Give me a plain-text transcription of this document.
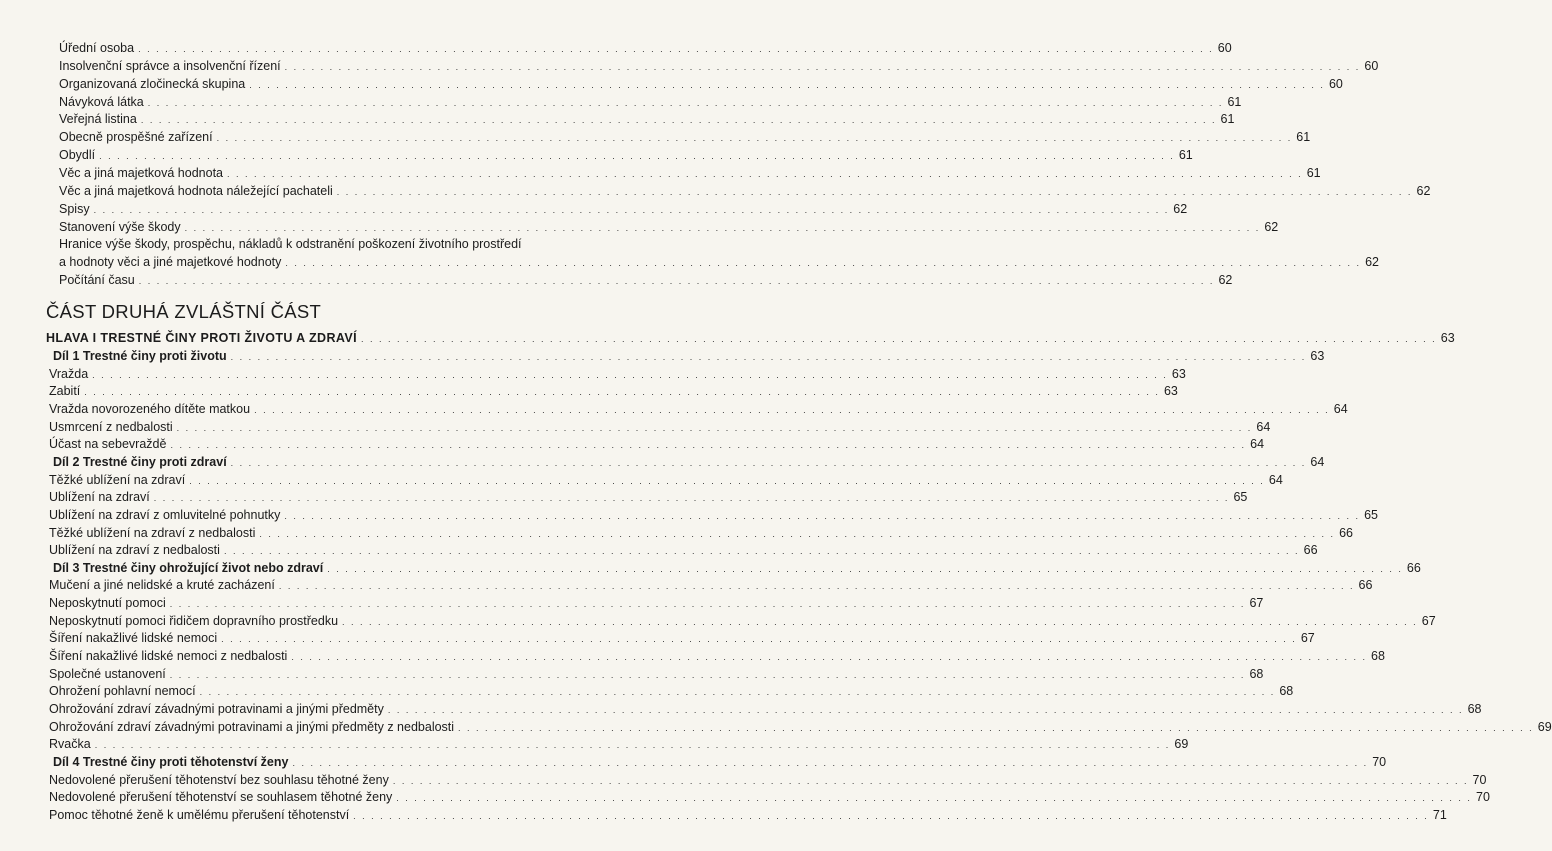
Úřední osoba . . . . . . . . . . . . . . . . . . . . . . . . . . . . . . . . . . . . . . . . . . . . . . . . . . . . . . . . . . . . . . . . . . . . . . . . . . . . . . . . . . . . . . . . . . . . . . . . . . . . . . . . . . . . . . . . . . . . . . . . 60
Insolvenční správce a insolvenční řízení . . . . . . . . . . . . . . . . . . . . . . . . . . . . . . . . . . . . . . . . . . . . . . . . . . . . . . . . . . . . . . . . . . . . . . . . . . . . . . . . . . . . . . . . . . . . . . . . . . . . . . . . . . . . . . . . . . . . . . . . 60
Organizovaná zločinecká skupina . . . . . . . . . . . . . . . . . . . . . . . . . . . . . . . . . . . . . . . . . . . . . . . . . . . . . . . . . . . . . . . . . . . . . . . . . . . . . . . . . . . . . . . . . . . . . . . . . . . . . . . . . . . . . . . . . . . . . . . . 60
Návyková látka . . . . . . . . . . . . . . . . . . . . . . . . . . . . . . . . . . . . . . . . . . . . . . . . . . . . . . . . . . . . . . . . . . . . . . . . . . . . . . . . . . . . . . . . . . . . . . . . . . . . . . . . . . . . . . . . . . . . . . . . 61
Veřejná listina . . . . . . . . . . . . . . . . . . . . . . . . . . . . . . . . . . . . . . . . . . . . . . . . . . . . . . . . . . . . . . . . . . . . . . . . . . . . . . . . . . . . . . . . . . . . . . . . . . . . . . . . . . . . . . . . . . . . . . . . 61
Obecně prospěšné zařízení . . . . . . . . . . . . . . . . . . . . . . . . . . . . . . . . . . . . . . . . . . . . . . . . . . . . . . . . . . . . . . . . . . . . . . . . . . . . . . . . . . . . . . . . . . . . . . . . . . . . . . . . . . . . . . . . . . . . . . . . 61
Obydlí . . . . . . . . . . . . . . . . . . . . . . . . . . . . . . . . . . . . . . . . . . . . . . . . . . . . . . . . . . . . . . . . . . . . . . . . . . . . . . . . . . . . . . . . . . . . . . . . . . . . . . . . . . . . . . . . . . . . . . . . 61
Věc a jiná majetková hodnota . . . . . . . . . . . . . . . . . . . . . . . . . . . . . . . . . . . . . . . . . . . . . . . . . . . . . . . . . . . . . . . . . . . . . . . . . . . . . . . . . . . . . . . . . . . . . . . . . . . . . . . . . . . . . . . . . . . . . . . . 61
Věc a jiná majetková hodnota náležející pachateli . . . . . . . . . . . . . . . . . . . . . . . . . . . . . . . . . . . . . . . . . . . . . . . . . . . . . . . . . . . . . . . . . . . . . . . . . . . . . . . . . . . . . . . . . . . . . . . . . . . . . . . . . . . . . . . . . . . . . . . . 62
Spisy . . . . . . . . . . . . . . . . . . . . . . . . . . . . . . . . . . . . . . . . . . . . . . . . . . . . . . . . . . . . . . . . . . . . . . . . . . . . . . . . . . . . . . . . . . . . . . . . . . . . . . . . . . . . . . . . . . . . . . . . 62
Stanovení výše škody . . . . . . . . . . . . . . . . . . . . . . . . . . . . . . . . . . . . . . . . . . . . . . . . . . . . . . . . . . . . . . . . . . . . . . . . . . . . . . . . . . . . . . . . . . . . . . . . . . . . . . . . . . . . . . . . . . . . . . . . 62
Hranice výše škody, prospěchu, nákladů k odstranění poškození životního prostředí
a hodnoty věci a jiné majetkové hodnoty . . . . . . . . . . . . . . . . . . . . . . . . . . . . . . . . . . . . . . . . . . . . . . . . . . . . . . . . . . . . . . . . . . . . . . . . . . . . . . . . . . . . . . . . . . . . . . . . . . . . . . . . . . . . . . . . . . . . . . . . 62
Počítání času . . . . . . . . . . . . . . . . . . . . . . . . . . . . . . . . . . . . . . . . . . . . . . . . . . . . . . . . . . . . . . . . . . . . . . . . . . . . . . . . . . . . . . . . . . . . . . . . . . . . . . . . . . . . . . . . . . . . . . . . 62
ČÁST DRUHÁ ZVLÁŠTNÍ ČÁST
HLAVA I TRESTNÉ ČINY PROTI ŽIVOTU A ZDRAVÍ . . . . . . . . . . . . . . . . . . . . . . . . . . . . . . . . . . . . . . . . . . . . . . . . . . . . . . . . . . . . . . . . . . . . . . . . . . . . . . . . . . . . . . . . . . . . . . . . . . . . . . . . . . . . . . . . . . . . . . . . 63
Díl 1 Trestné činy proti životu . . . . . . . . . . . . . . . . . . . . . . . . . . . . . . . . . . . . . . . . . . . . . . . . . . . . . . . . . . . . . . . . . . . . . . . . . . . . . . . . . . . . . . . . . . . . . . . . . . . . . . . . . . . . . . . . . . . . . . . . 63
Vražda . . . . . . . . . . . . . . . . . . . . . . . . . . . . . . . . . . . . . . . . . . . . . . . . . . . . . . . . . . . . . . . . . . . . . . . . . . . . . . . . . . . . . . . . . . . . . . . . . . . . . . . . . . . . . . . . . . . . . . . . 63
Zabití . . . . . . . . . . . . . . . . . . . . . . . . . . . . . . . . . . . . . . . . . . . . . . . . . . . . . . . . . . . . . . . . . . . . . . . . . . . . . . . . . . . . . . . . . . . . . . . . . . . . . . . . . . . . . . . . . . . . . . . . 63
Vražda novorozeného dítěte matkou . . . . . . . . . . . . . . . . . . . . . . . . . . . . . . . . . . . . . . . . . . . . . . . . . . . . . . . . . . . . . . . . . . . . . . . . . . . . . . . . . . . . . . . . . . . . . . . . . . . . . . . . . . . . . . . . . . . . . . . . 64
Usmrcení z nedbalosti . . . . . . . . . . . . . . . . . . . . . . . . . . . . . . . . . . . . . . . . . . . . . . . . . . . . . . . . . . . . . . . . . . . . . . . . . . . . . . . . . . . . . . . . . . . . . . . . . . . . . . . . . . . . . . . . . . . . . . . . 64
Účast na sebevraždě . . . . . . . . . . . . . . . . . . . . . . . . . . . . . . . . . . . . . . . . . . . . . . . . . . . . . . . . . . . . . . . . . . . . . . . . . . . . . . . . . . . . . . . . . . . . . . . . . . . . . . . . . . . . . . . . . . . . . . . . 64
Díl 2 Trestné činy proti zdraví . . . . . . . . . . . . . . . . . . . . . . . . . . . . . . . . . . . . . . . . . . . . . . . . . . . . . . . . . . . . . . . . . . . . . . . . . . . . . . . . . . . . . . . . . . . . . . . . . . . . . . . . . . . . . . . . . . . . . . . . 64
Těžké ublížení na zdraví . . . . . . . . . . . . . . . . . . . . . . . . . . . . . . . . . . . . . . . . . . . . . . . . . . . . . . . . . . . . . . . . . . . . . . . . . . . . . . . . . . . . . . . . . . . . . . . . . . . . . . . . . . . . . . . . . . . . . . . . 64
Ublížení na zdraví . . . . . . . . . . . . . . . . . . . . . . . . . . . . . . . . . . . . . . . . . . . . . . . . . . . . . . . . . . . . . . . . . . . . . . . . . . . . . . . . . . . . . . . . . . . . . . . . . . . . . . . . . . . . . . . . . . . . . . . . 65
Ublížení na zdraví z omluvitelné pohnutky . . . . . . . . . . . . . . . . . . . . . . . . . . . . . . . . . . . . . . . . . . . . . . . . . . . . . . . . . . . . . . . . . . . . . . . . . . . . . . . . . . . . . . . . . . . . . . . . . . . . . . . . . . . . . . . . . . . . . . . . 65
Těžké ublížení na zdraví z nedbalosti . . . . . . . . . . . . . . . . . . . . . . . . . . . . . . . . . . . . . . . . . . . . . . . . . . . . . . . . . . . . . . . . . . . . . . . . . . . . . . . . . . . . . . . . . . . . . . . . . . . . . . . . . . . . . . . . . . . . . . . . 66
Ublížení na zdraví z nedbalosti . . . . . . . . . . . . . . . . . . . . . . . . . . . . . . . . . . . . . . . . . . . . . . . . . . . . . . . . . . . . . . . . . . . . . . . . . . . . . . . . . . . . . . . . . . . . . . . . . . . . . . . . . . . . . . . . . . . . . . . . 66
Díl 3 Trestné činy ohrožující život nebo zdraví . . . . . . . . . . . . . . . . . . . . . . . . . . . . . . . . . . . . . . . . . . . . . . . . . . . . . . . . . . . . . . . . . . . . . . . . . . . . . . . . . . . . . . . . . . . . . . . . . . . . . . . . . . . . . . . . . . . . . . . . 66
Mučení a jiné nelidské a kruté zacházení . . . . . . . . . . . . . . . . . . . . . . . . . . . . . . . . . . . . . . . . . . . . . . . . . . . . . . . . . . . . . . . . . . . . . . . . . . . . . . . . . . . . . . . . . . . . . . . . . . . . . . . . . . . . . . . . . . . . . . . . 66
Neposkytnutí pomoci . . . . . . . . . . . . . . . . . . . . . . . . . . . . . . . . . . . . . . . . . . . . . . . . . . . . . . . . . . . . . . . . . . . . . . . . . . . . . . . . . . . . . . . . . . . . . . . . . . . . . . . . . . . . . . . . . . . . . . . . 67
Neposkytnutí pomoci řidičem dopravního prostředku . . . . . . . . . . . . . . . . . . . . . . . . . . . . . . . . . . . . . . . . . . . . . . . . . . . . . . . . . . . . . . . . . . . . . . . . . . . . . . . . . . . . . . . . . . . . . . . . . . . . . . . . . . . . . . . . . . . . . . . . 67
Šíření nakažlivé lidské nemoci . . . . . . . . . . . . . . . . . . . . . . . . . . . . . . . . . . . . . . . . . . . . . . . . . . . . . . . . . . . . . . . . . . . . . . . . . . . . . . . . . . . . . . . . . . . . . . . . . . . . . . . . . . . . . . . . . . . . . . . . 67
Šíření nakažlivé lidské nemoci z nedbalosti . . . . . . . . . . . . . . . . . . . . . . . . . . . . . . . . . . . . . . . . . . . . . . . . . . . . . . . . . . . . . . . . . . . . . . . . . . . . . . . . . . . . . . . . . . . . . . . . . . . . . . . . . . . . . . . . . . . . . . . . 68
Společné ustanovení . . . . . . . . . . . . . . . . . . . . . . . . . . . . . . . . . . . . . . . . . . . . . . . . . . . . . . . . . . . . . . . . . . . . . . . . . . . . . . . . . . . . . . . . . . . . . . . . . . . . . . . . . . . . . . . . . . . . . . . . 68
Ohrožení pohlavní nemocí . . . . . . . . . . . . . . . . . . . . . . . . . . . . . . . . . . . . . . . . . . . . . . . . . . . . . . . . . . . . . . . . . . . . . . . . . . . . . . . . . . . . . . . . . . . . . . . . . . . . . . . . . . . . . . . . . . . . . . . . 68
Ohrožování zdraví závadnými potravinami a jinými předměty . . . . . . . . . . . . . . . . . . . . . . . . . . . . . . . . . . . . . . . . . . . . . . . . . . . . . . . . . . . . . . . . . . . . . . . . . . . . . . . . . . . . . . . . . . . . . . . . . . . . . . . . . . . . . . . . . . . . . . . . 68
Ohrožování zdraví závadnými potravinami a jinými předměty z nedbalosti . . . . . . . . . . . . . . . . . . . . . . . . . . . . . . . . . . . . . . . . . . . . . . . . . . . . . . . . . . . . . . . . . . . . . . . . . . . . . . . . . . . . . . . . . . . . . . . . . . . . . . . . . . . . . . . . . . . . . . . . 69
Rvačka . . . . . . . . . . . . . . . . . . . . . . . . . . . . . . . . . . . . . . . . . . . . . . . . . . . . . . . . . . . . . . . . . . . . . . . . . . . . . . . . . . . . . . . . . . . . . . . . . . . . . . . . . . . . . . . . . . . . . . . . 69
Díl 4 Trestné činy proti těhotenství ženy . . . . . . . . . . . . . . . . . . . . . . . . . . . . . . . . . . . . . . . . . . . . . . . . . . . . . . . . . . . . . . . . . . . . . . . . . . . . . . . . . . . . . . . . . . . . . . . . . . . . . . . . . . . . . . . . . . . . . . . . 70
Nedovolené přerušení těhotenství bez souhlasu těhotné ženy . . . . . . . . . . . . . . . . . . . . . . . . . . . . . . . . . . . . . . . . . . . . . . . . . . . . . . . . . . . . . . . . . . . . . . . . . . . . . . . . . . . . . . . . . . . . . . . . . . . . . . . . . . . . . . . . . . . . . . . . 70
Nedovolené přerušení těhotenství se souhlasem těhotné ženy . . . . . . . . . . . . . . . . . . . . . . . . . . . . . . . . . . . . . . . . . . . . . . . . . . . . . . . . . . . . . . . . . . . . . . . . . . . . . . . . . . . . . . . . . . . . . . . . . . . . . . . . . . . . . . . . . . . . . . . . 70
Pomoc těhotné ženě k umělému přerušení těhotenství . . . . . . . . . . . . . . . . . . . . . . . . . . . . . . . . . . . . . . . . . . . . . . . . . . . . . . . . . . . . . . . . . . . . . . . . . . . . . . . . . . . . . . . . . . . . . . . . . . . . . . . . . . . . . . . . . . . . . . . . 71
